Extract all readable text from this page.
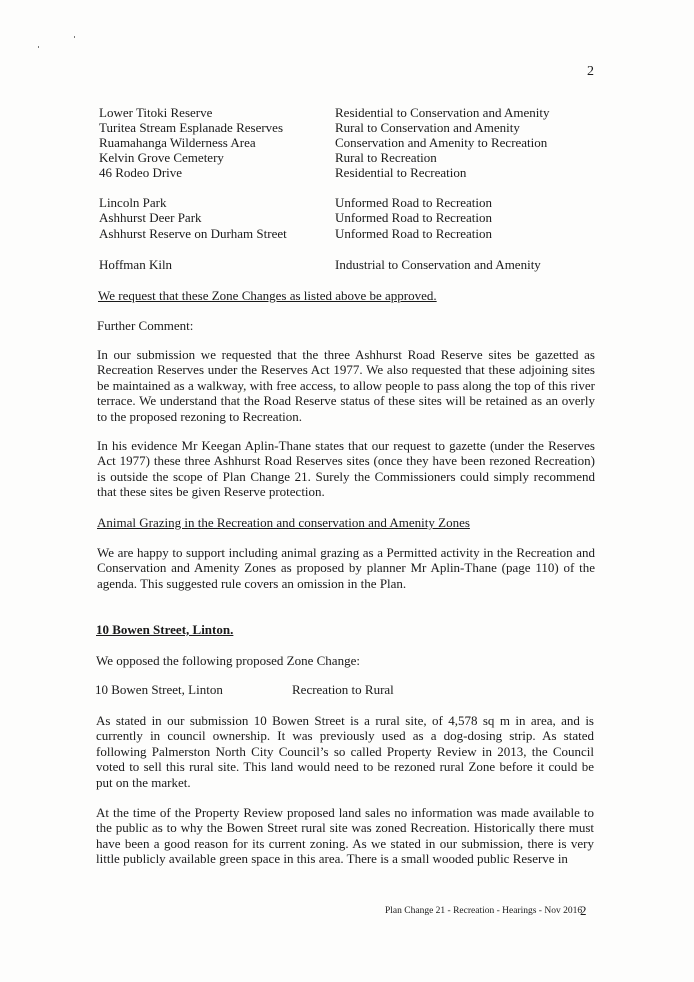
2
Lower Titoki Reserve	Residential to Conservation and Amenity
Turitea Stream Esplanade Reserves	Rural to Conservation and Amenity
Ruamahanga Wilderness Area	Conservation and Amenity to Recreation
Kelvin Grove Cemetery	Rural to Recreation
46 Rodeo Drive	Residential to Recreation
Lincoln Park	Unformed Road to Recreation
Ashhurst Deer Park	Unformed Road to Recreation
Ashhurst Reserve on Durham Street	Unformed Road to Recreation
Hoffman Kiln	Industrial to Conservation and Amenity
We request that these Zone Changes as listed above be approved.
Further Comment:
In our submission we requested that the three Ashhurst Road Reserve sites be gazetted as Recreation Reserves under the Reserves Act 1977. We also requested that these adjoining sites be maintained as a walkway, with free access, to allow people to pass along the top of this river terrace. We understand that the Road Reserve status of these sites will be retained as an overly to the proposed rezoning to Recreation.
In his evidence Mr Keegan Aplin-Thane states that our request to gazette (under the Reserves Act 1977) these three Ashhurst Road Reserves sites (once they have been rezoned Recreation) is outside the scope of Plan Change 21. Surely the Commissioners could simply recommend that these sites be given Reserve protection.
Animal Grazing in the Recreation and conservation and Amenity Zones
We are happy to support including animal grazing as a Permitted activity in the Recreation and Conservation and Amenity Zones as proposed by planner Mr Aplin-Thane (page 110) of the agenda. This suggested rule covers an omission in the Plan.
10 Bowen Street, Linton.
We opposed the following proposed Zone Change:
10 Bowen Street, Linton	Recreation to Rural
As stated in our submission 10 Bowen Street is a rural site, of 4,578 sq m in area, and is currently in council ownership. It was previously used as a dog-dosing strip. As stated following Palmerston North City Council’s so called Property Review in 2013, the Council voted to sell this rural site. This land would need to be rezoned rural Zone before it could be put on the market.
At the time of the Property Review proposed land sales no information was made available to the public as to why the Bowen Street rural site was zoned Recreation. Historically there must have been a good reason for its current zoning. As we stated in our submission, there is very little publicly available green space in this area. There is a small wooded public Reserve in
Plan Change 21 - Recreation - Hearings - Nov 2016
2
